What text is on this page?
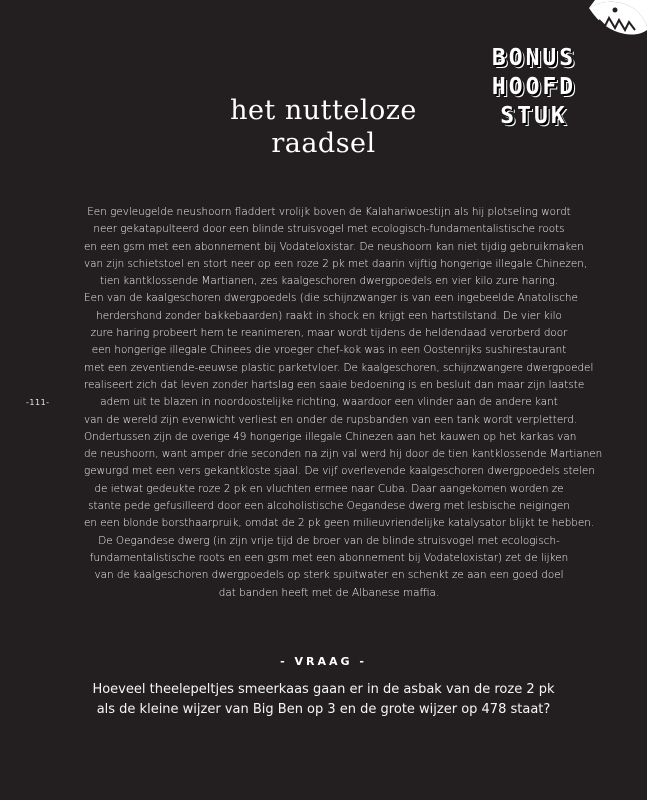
BONUS
HOOFD
STUK
het nutteloze
raadsel
-111-
Een gevleugelde neushoorn fladdert vrolijk boven de Kalahariwoestijn als hij plotseling wordt
neer gekatapulteerd door een blinde struisvogel met ecologisch-fundamentalistische roots
en een gsm met een abonnement bij Vodateloxistar. De neushoorn kan niet tijdig gebruikmaken
van zijn schietstoel en stort neer op een roze 2 pk met daarin vijftig hongerige illegale Chinezen,
tien kantklossende Martianen, zes kaalgeschoren dwergpoedels en vier kilo zure haring.
Een van de kaalgeschoren dwergpoedels (die schijnzwanger is van een ingebeelde Anatolische
herdershond zonder bakkebaarden) raakt in shock en krijgt een hartstilstand. De vier kilo
zure haring probeert hem te reanimeren, maar wordt tijdens de heldendaad verorberd door
een hongerige illegale Chinees die vroeger chef-kok was in een Oostenrijks sushirestaurant
met een zeventiende-eeuwse plastic parketvloer. De kaalgeschoren, schijnzwangere dwergpoedel
realiseert zich dat leven zonder hartslag een saaie bedoening is en besluit dan maar zijn laatste
adem uit te blazen in noordoostelijke richting, waardoor een vlinder aan de andere kant
van de wereld zijn evenwicht verliest en onder de rupsbanden van een tank wordt verpletterd.
Ondertussen zijn de overige 49 hongerige illegale Chinezen aan het kauwen op het karkas van
de neushoorn, want amper drie seconden na zijn val werd hij door de tien kantklossende Martianen
gewurgd met een vers gekantkloste sjaal. De vijf overlevende kaalgeschoren dwergpoedels stelen
de ietwat gedeukte roze 2 pk en vluchten ermee naar Cuba. Daar aangekomen worden ze
stante pede gefusilleerd door een alcoholistische Oegandese dwerg met lesbische neigingen
en een blonde borsthaarpruik, omdat de 2 pk geen milieuvriendelijke katalysator blijkt te hebben.
De Oegandese dwerg (in zijn vrije tijd de broer van de blinde struisvogel met ecologisch-
fundamentalistische roots en een gsm met een abonnement bij Vodateloxistar) zet de lijken
van de kaalgeschoren dwergpoedels op sterk spuitwater en schenkt ze aan een goed doel
dat banden heeft met de Albanese maffia.
- VRAAG -
Hoeveel theelepeltjes smeerkaas gaan er in de asbak van de roze 2 pk
als de kleine wijzer van Big Ben op 3 en de grote wijzer op 478 staat?
